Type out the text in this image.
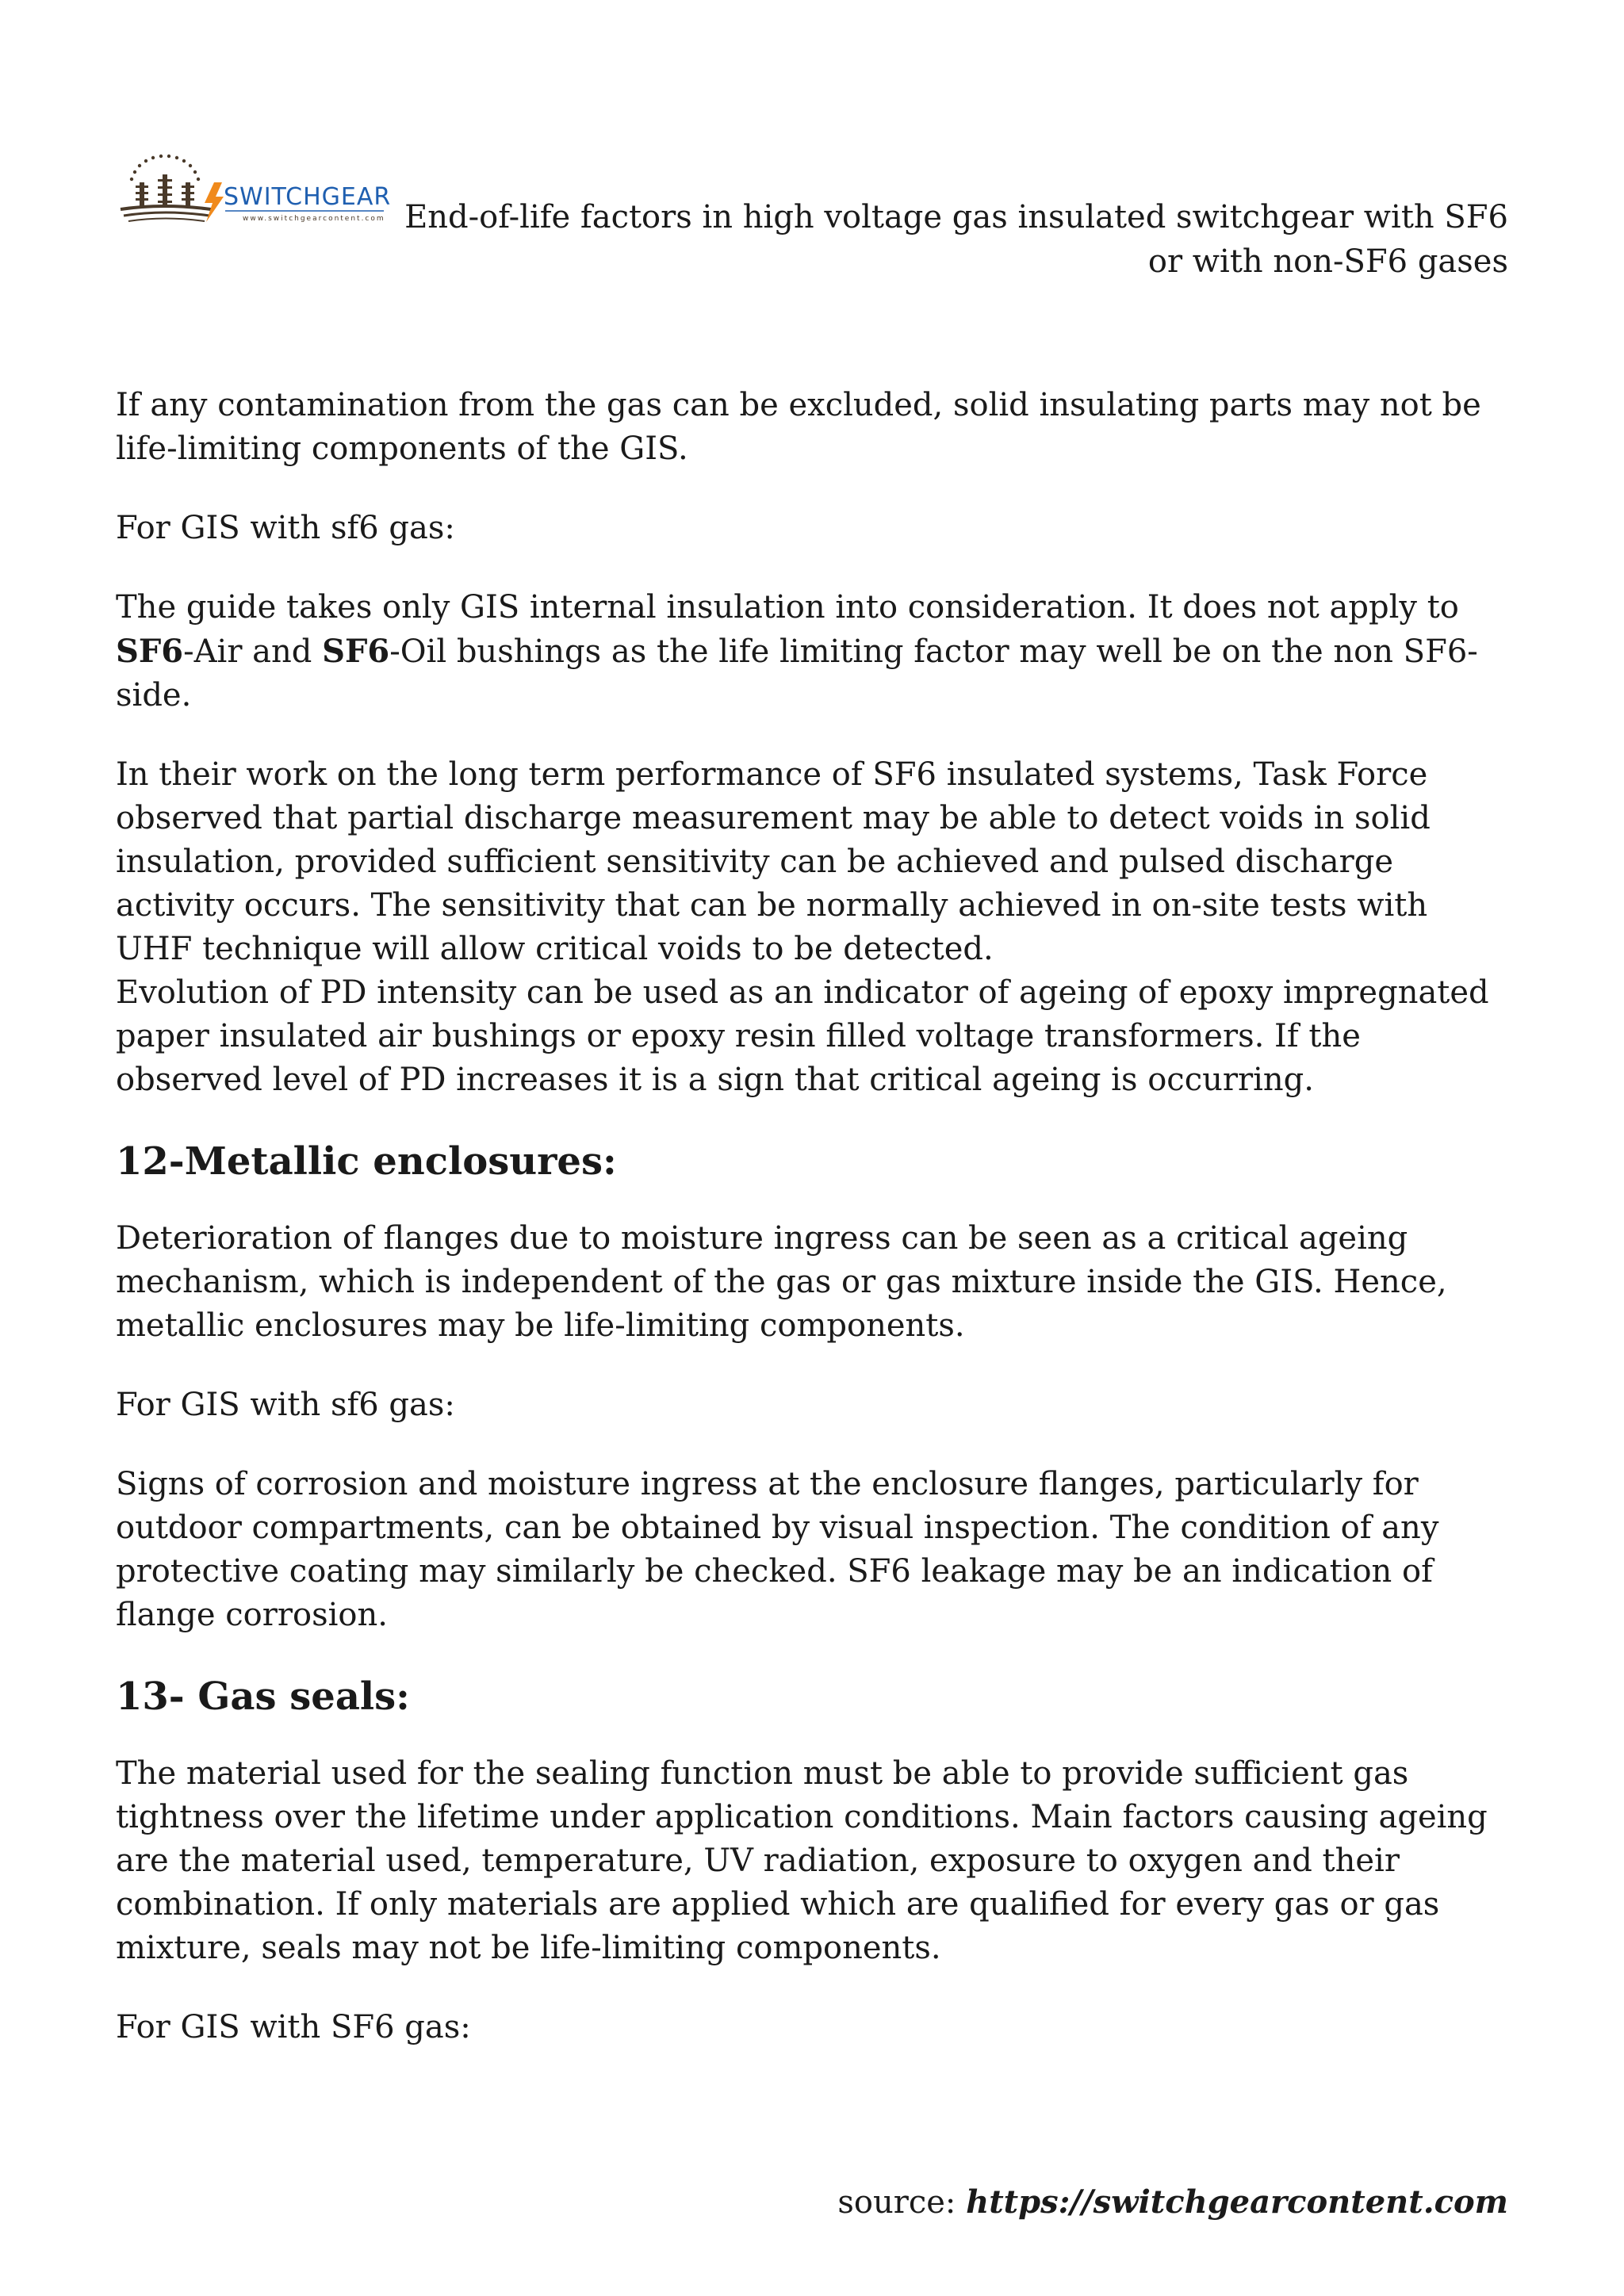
SWITCHGEAR
www.switchgearcontent.com End-of-life factors in high voltage gas insulated switchgear with SF6 or with non-SF6 gases

If any contamination from the gas can be excluded, solid insulating parts may not be life-limiting components of the GIS.

For GIS with sf6 gas:

The guide takes only GIS internal insulation into consideration. It does not apply to SF6-Air and SF6-Oil bushings as the life limiting factor may well be on the non SF6-side.

In their work on the long term performance of SF6 insulated systems, Task Force observed that partial discharge measurement may be able to detect voids in solid insulation, provided sufficient sensitivity can be achieved and pulsed discharge activity occurs. The sensitivity that can be normally achieved in on-site tests with UHF technique will allow critical voids to be detected.

Evolution of PD intensity can be used as an indicator of ageing of epoxy impregnated paper insulated air bushings or epoxy resin filled voltage transformers. If the observed level of PD increases it is a sign that critical ageing is occurring.

12-Metallic enclosures:

Deterioration of flanges due to moisture ingress can be seen as a critical ageing mechanism, which is independent of the gas or gas mixture inside the GIS. Hence, metallic enclosures may be life-limiting components.

For GIS with sf6 gas:

Signs of corrosion and moisture ingress at the enclosure flanges, particularly for outdoor compartments, can be obtained by visual inspection. The condition of any protective coating may similarly be checked. SF6 leakage may be an indication of flange corrosion.

13- Gas seals:

The material used for the sealing function must be able to provide sufficient gas tightness over the lifetime under application conditions. Main factors causing ageing are the material used, temperature, UV radiation, exposure to oxygen and their combination. If only materials are applied which are qualified for every gas or gas mixture, seals may not be life-limiting components.

For GIS with SF6 gas:

source: https://switchgearcontent.com
